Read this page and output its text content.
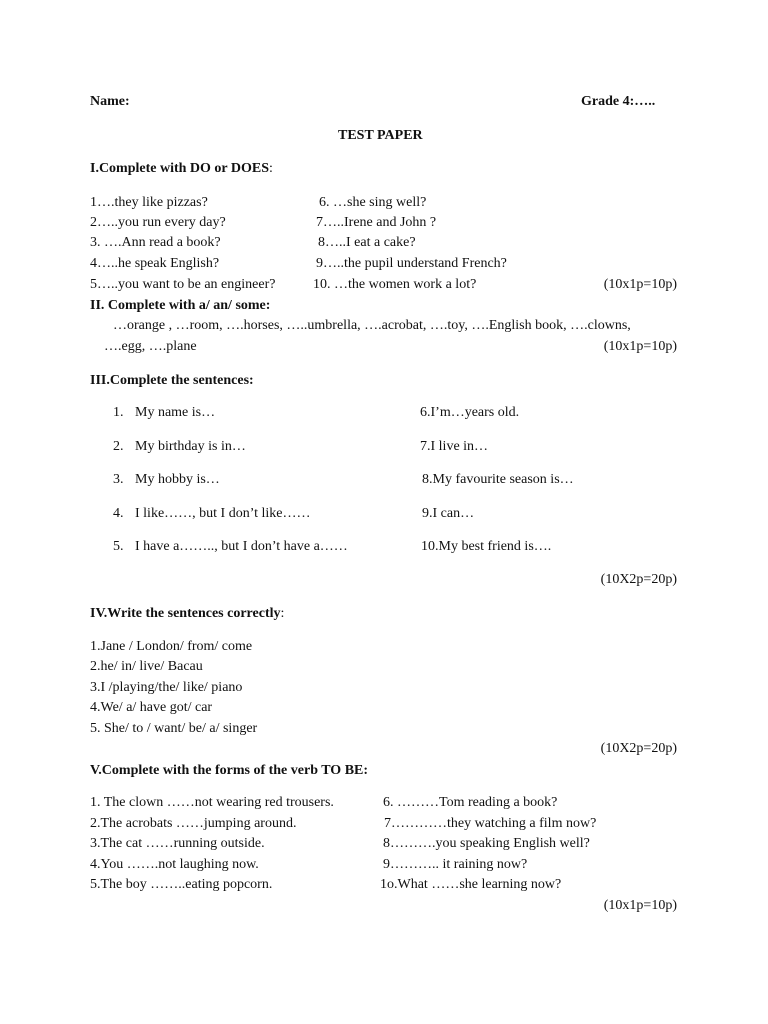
Name:	Grade 4:…..
TEST PAPER
I.Complete with DO or DOES:
1….they like pizzas?
2…..you run every day?
3. ….Ann read a book?
4…..he speak English?
5…..you want to be an engineer?
6. …she sing well?
7…..Irene and John ?
8…..I eat a cake?
9…..the pupil understand French?
10. …the women work a lot?	(10x1p=10p)
II. Complete with a/ an/ some:
…orange , …room, ….horses, …..umbrella, ….acrobat, ….toy, ….English book, ….clowns,
….egg, ….plane	(10x1p=10p)
III.Complete the sentences:
1. My name is…
2. My birthday is in…
3. My hobby is…
4. I like……, but I don’t like……
5. I have a…….., but I don’t have a……
6.I’m…years old.
7.I live in…
8.My favourite season is…
9.I can…
10.My best friend is….
(10X2p=20p)
IV.Write the sentences correctly:
1.Jane / London/ from/ come
2.he/ in/ live/ Bacau
3.I /playing/the/ like/ piano
4.We/ a/ have got/ car
5. She/ to / want/ be/ a/ singer
(10X2p=20p)
V.Complete with the forms of the verb TO BE:
1. The clown ……not wearing red trousers.
2.The acrobats ……jumping around.
3.The cat ……running outside.
4.You …….not laughing now.
5.The boy ……..eating popcorn.
6. ………Tom reading a book?
7…………they watching a film now?
8……….you speaking English well?
9……….. it raining now?
1o.What ……she learning now?
(10x1p=10p)
